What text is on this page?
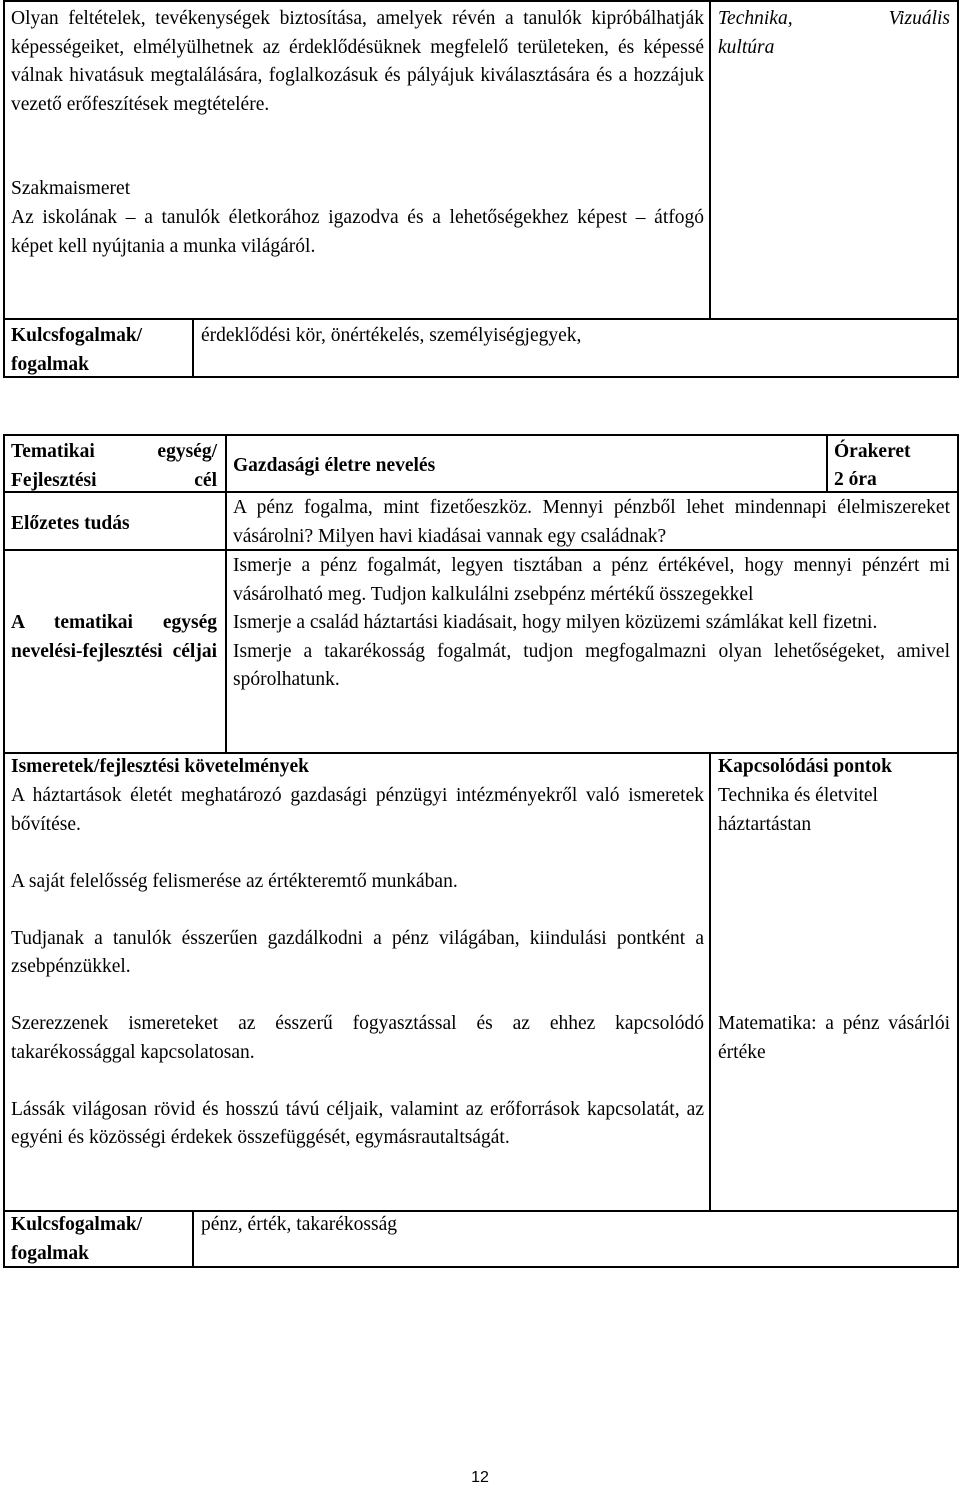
Olyan feltételek, tevékenységek biztosítása, amelyek révén a tanulók kipróbálhatják képességeiket, elmélyülhetnek az érdeklődésüknek megfelelő területeken, és képessé válnak hivatásuk megtalálására, foglalkozásuk és pályájuk kiválasztására és a hozzájuk vezető erőfeszítések megtételére.
Szakmaismeret
Az iskolának – a tanulók életkorához igazodva és a lehetőségekhez képest – átfogó képet kell nyújtania a munka világáról.
Technika, kultúra
Vizuális
Kulcsfogalmak/ fogalmak
érdeklődési kör, önértékelés, személyiségjegyek,
Tematikai egység/ Fejlesztési cél
Gazdasági életre nevelés
Órakeret
2 óra
Előzetes tudás
A pénz fogalma, mint fizetőeszköz. Mennyi pénzből lehet mindennapi élelmiszereket vásárolni? Milyen havi kiadásai vannak egy családnak?
A tematikai egység nevelési-fejlesztési céljai

Ismerje a pénz fogalmát, legyen tisztában a pénz értékével, hogy mennyi pénzért mi vásárolható meg. Tudjon kalkulálni zsebpénz mértékű összegekkel

Ismerje a család háztartási kiadásait, hogy milyen közüzemi számlákat kell fizetni.

Ismerje a takarékosság fogalmát, tudjon megfogalmazni olyan lehetőségeket, amivel spórolhatunk.

Ismeretek/fejlesztési követelmények	Kapcsolódási pontok

A háztartások életét meghatározó gazdasági pénzügyi intézményekről való ismeretek bővítése.

A saját felelősség felismerése az értékteremtő munkában.

Tudjanak a tanulók ésszerűen gazdálkodni a pénz világában, kiindulási pontként a zsebpénzükkel.

Szerezzenek ismereteket az ésszerű fogyasztással és az ehhez kapcsolódó takarékossággal kapcsolatosan.

Lássák világosan rövid és hosszú távú céljaik, valamint az erőforrások kapcsolatát, az egyéni és közösségi érdekek összefüggését, egymásrautaltságát.

Technika és életvitel háztartástan
Matematika: a pénz vásárlói értéke
Kulcsfogalmak/ fogalmak
pénz, érték, takarékosság
12
